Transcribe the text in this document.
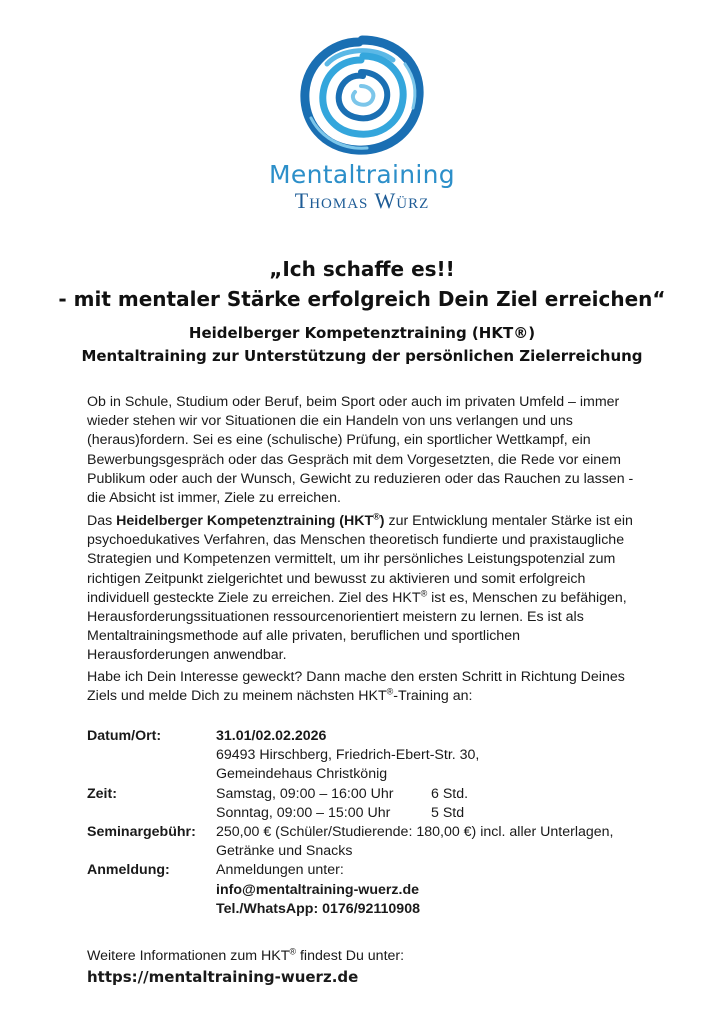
Mentaltraining
Thomas Würz
„Ich schaffe es!!
- mit mentaler Stärke erfolgreich Dein Ziel erreichen“
Heidelberger Kompetenztraining (HKT®)
Mentaltraining zur Unterstützung der persönlichen Zielerreichung
Ob in Schule, Studium oder Beruf, beim Sport oder auch im privaten Umfeld – immer wieder stehen wir vor Situationen die ein Handeln von uns verlangen und uns (heraus)fordern. Sei es eine (schulische) Prüfung, ein sportlicher Wettkampf, ein Bewerbungsgespräch oder das Gespräch mit dem Vorgesetzten, die Rede vor einem Publikum oder auch der Wunsch, Gewicht zu reduzieren oder das Rauchen zu lassen - die Absicht ist immer, Ziele zu erreichen.
Das Heidelberger Kompetenztraining (HKT®) zur Entwicklung mentaler Stärke ist ein psychoedukatives Verfahren, das Menschen theoretisch fundierte und praxistaugliche Strategien und Kompetenzen vermittelt, um ihr persönliches Leistungspotenzial zum richtigen Zeitpunkt zielgerichtet und bewusst zu aktivieren und somit erfolgreich individuell gesteckte Ziele zu erreichen. Ziel des HKT® ist es, Menschen zu befähigen, Herausforderungssituationen ressourcenorientiert meistern zu lernen. Es ist als Mentaltrainingsmethode auf alle privaten, beruflichen und sportlichen Herausforderungen anwendbar.
Habe ich Dein Interesse geweckt? Dann mache den ersten Schritt in Richtung Deines Ziels und melde Dich zu meinem nächsten HKT®-Training an:
Datum/Ort:	31.01/02.02.2026
69493 Hirschberg, Friedrich-Ebert-Str. 30,
Gemeindehaus Christkönig
Zeit:	Samstag, 09:00 – 16:00 Uhr	6 Std.
Sonntag, 09:00 – 15:00 Uhr	5 Std
Seminargebühr: 250,00 € (Schüler/Studierende: 180,00 €) incl. aller Unterlagen, Getränke und Snacks
Anmeldung:	Anmeldungen unter:
info@mentaltraining-wuerz.de
Tel./WhatsApp: 0176/92110908
Weitere Informationen zum HKT® findest Du unter:
https://mentaltraining-wuerz.de
